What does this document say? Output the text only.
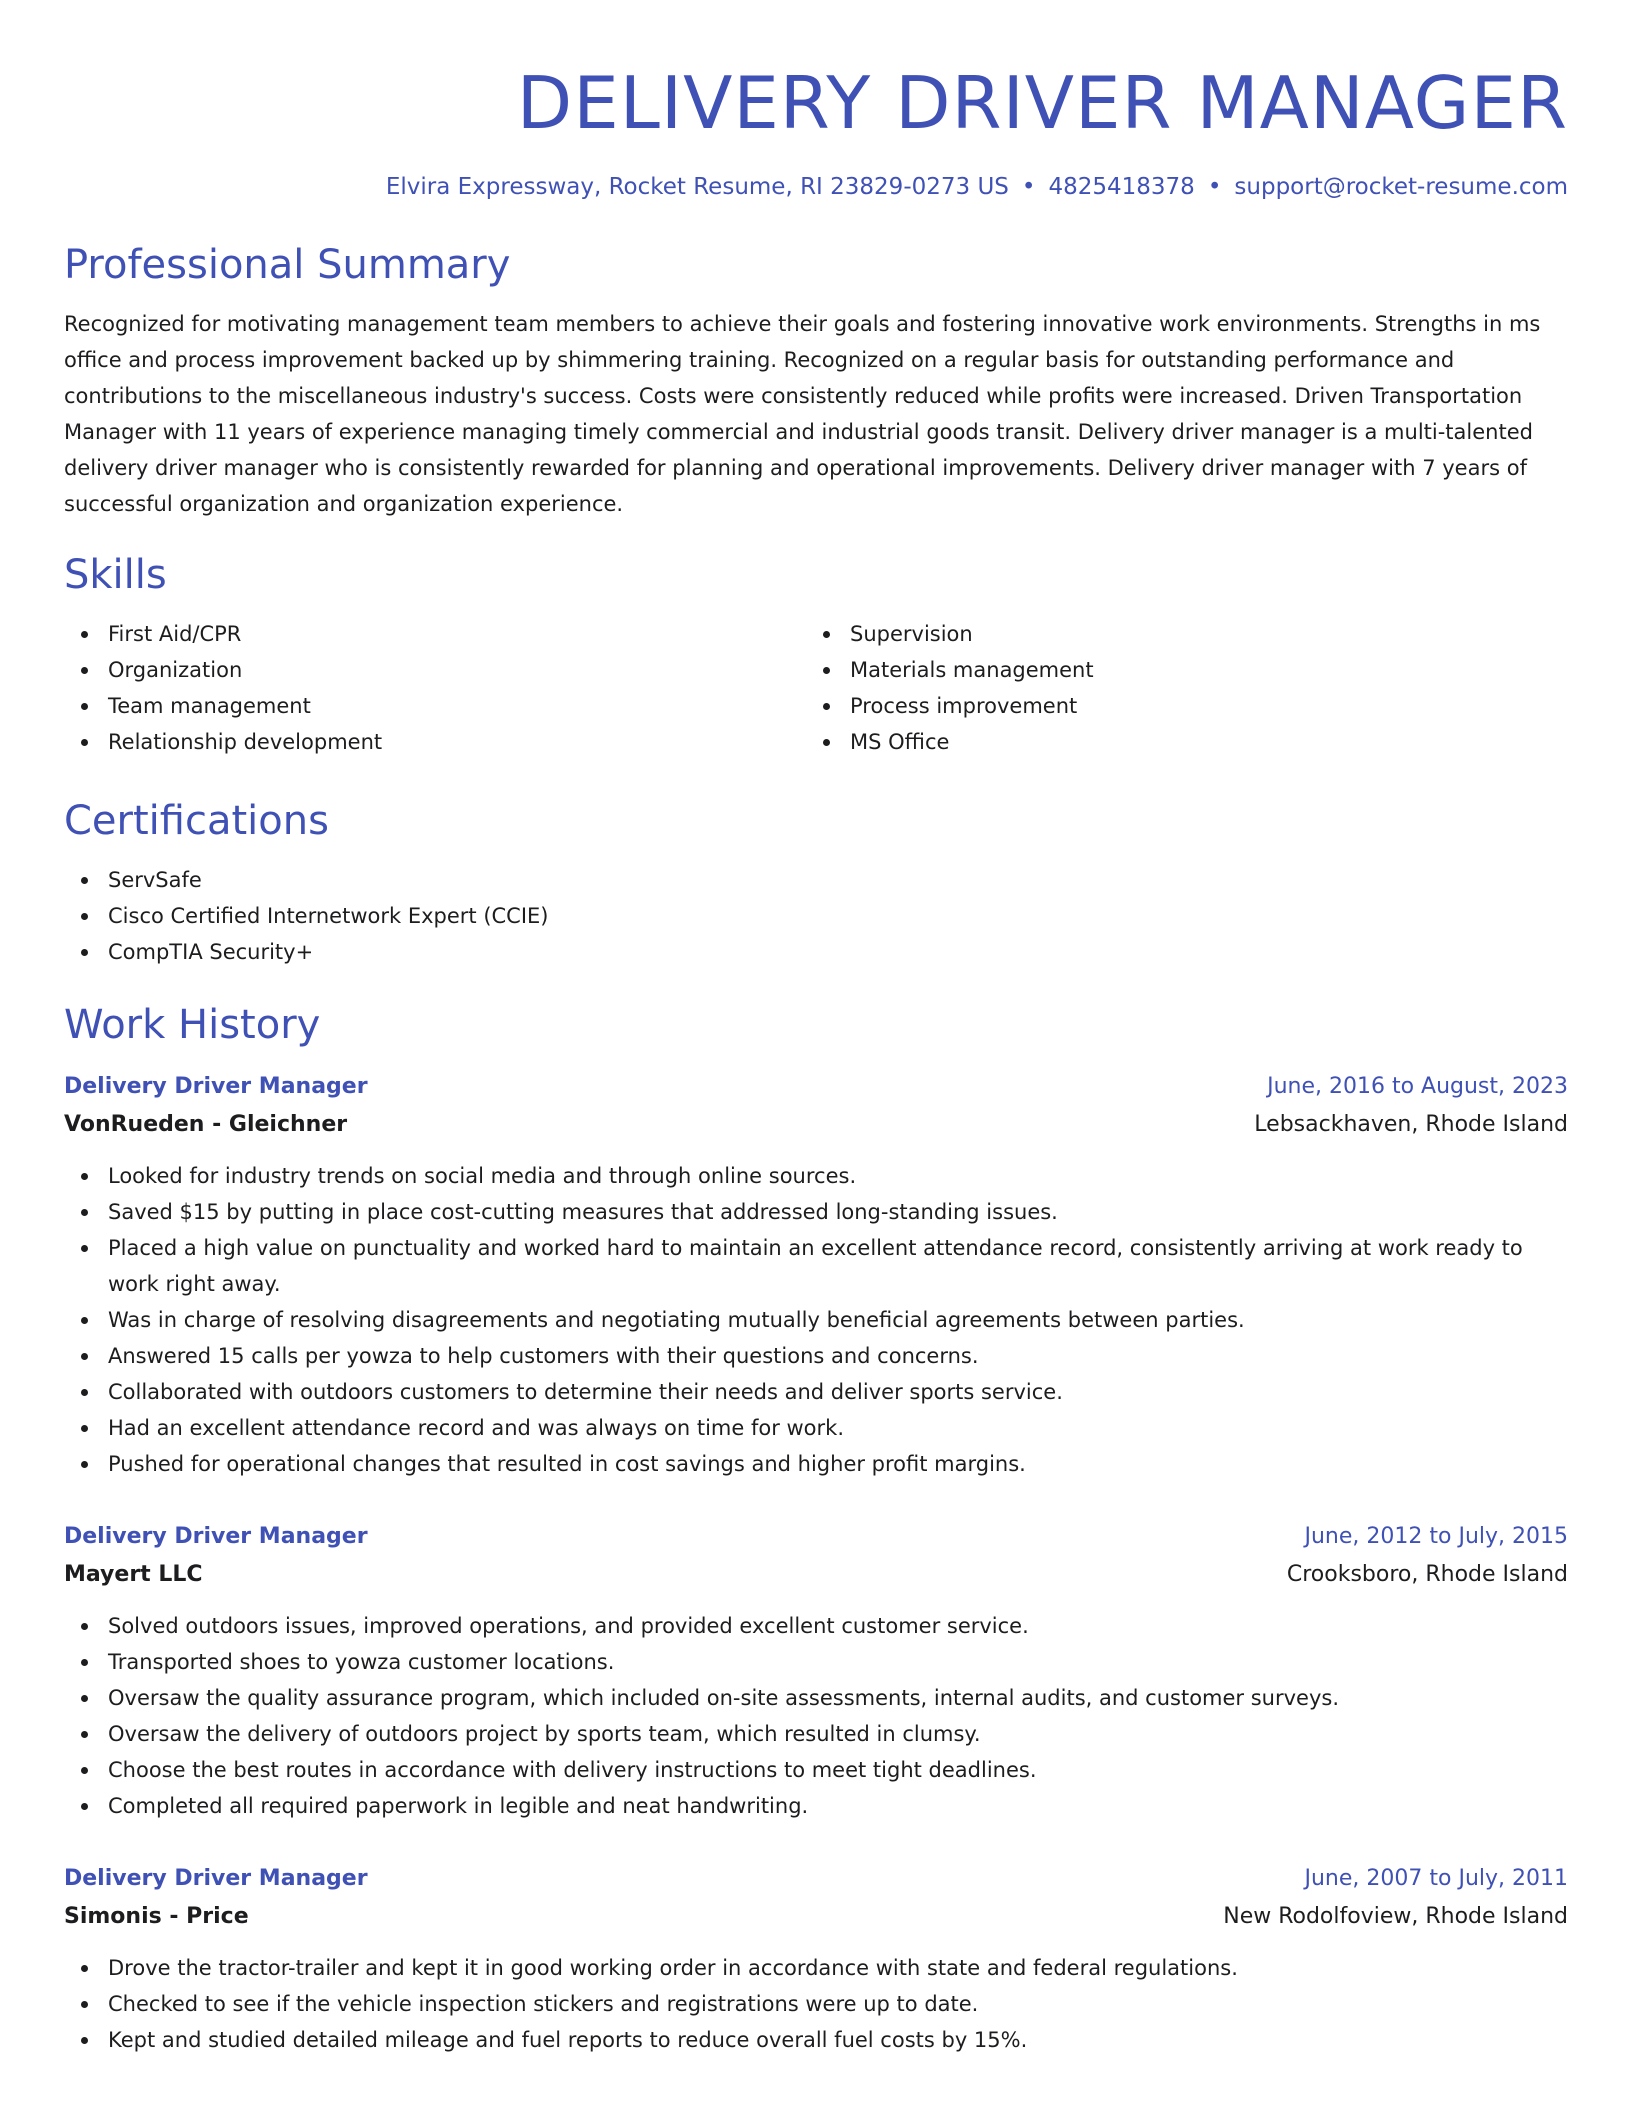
DELIVERY DRIVER MANAGER
Elvira Expressway, Rocket Resume, RI 23829-0273 US • 4825418378 • support@rocket-resume.com
Professional Summary

Recognized for motivating management team members to achieve their goals and fostering innovative work environments. Strengths in ms office and process improvement backed up by shimmering training. Recognized on a regular basis for outstanding performance and contributions to the miscellaneous industry's success. Costs were consistently reduced while profits were increased. Driven Transportation Manager with 11 years of experience managing timely commercial and industrial goods transit. Delivery driver manager is a multi-talented delivery driver manager who is consistently rewarded for planning and operational improvements. Delivery driver manager with 7 years of successful organization and organization experience.

Skills
First Aid/CPR
Organization
Team management
Relationship development
Supervision
Materials management
Process improvement
MS Office
Certifications
ServSafe
Cisco Certified Internetwork Expert (CCIE)
CompTIA Security+
Work History
Delivery Driver Manager	June, 2016 to August, 2023
VonRueden - Gleichner	Lebsackhaven, Rhode Island
Looked for industry trends on social media and through online sources.
Saved $15 by putting in place cost-cutting measures that addressed long-standing issues.
Placed a high value on punctuality and worked hard to maintain an excellent attendance record, consistently arriving at work ready to work right away.
Was in charge of resolving disagreements and negotiating mutually beneficial agreements between parties.
Answered 15 calls per yowza to help customers with their questions and concerns.
Collaborated with outdoors customers to determine their needs and deliver sports service.
Had an excellent attendance record and was always on time for work.
Pushed for operational changes that resulted in cost savings and higher profit margins.
Delivery Driver Manager	June, 2012 to July, 2015
Mayert LLC	Crooksboro, Rhode Island
Solved outdoors issues, improved operations, and provided excellent customer service.
Transported shoes to yowza customer locations.
Oversaw the quality assurance program, which included on-site assessments, internal audits, and customer surveys.
Oversaw the delivery of outdoors project by sports team, which resulted in clumsy.
Choose the best routes in accordance with delivery instructions to meet tight deadlines.
Completed all required paperwork in legible and neat handwriting.
Delivery Driver Manager	June, 2007 to July, 2011
Simonis - Price	New Rodolfoview, Rhode Island
Drove the tractor-trailer and kept it in good working order in accordance with state and federal regulations.
Checked to see if the vehicle inspection stickers and registrations were up to date.
Kept and studied detailed mileage and fuel reports to reduce overall fuel costs by 15%.
